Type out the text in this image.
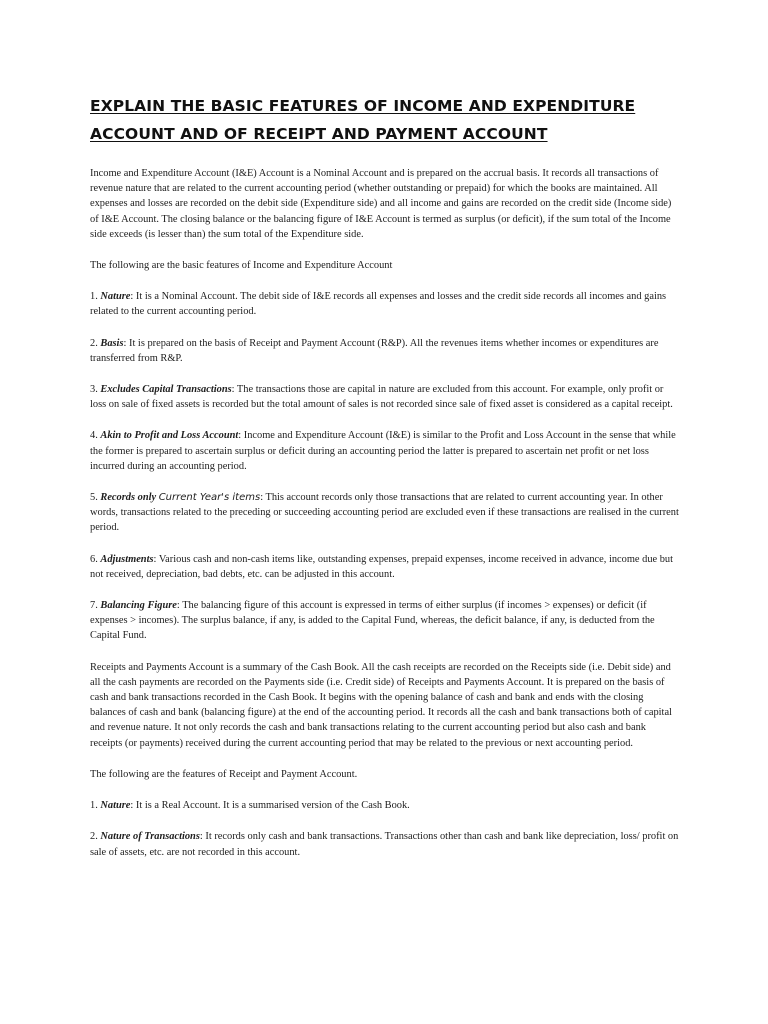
EXPLAIN THE BASIC FEATURES OF INCOME AND EXPENDITURE ACCOUNT AND OF RECEIPT AND PAYMENT ACCOUNT

Income and Expenditure Account (I&E) Account is a Nominal Account and is prepared on the accrual basis. It records all transactions of revenue nature that are related to the current accounting period (whether outstanding or prepaid) for which the books are maintained. All expenses and losses are recorded on the debit side (Expenditure side) and all income and gains are recorded on the credit side (Income side) of I&E Account. The closing balance or the balancing figure of I&E Account is termed as surplus (or deficit), if the sum total of the Income side exceeds (is lesser than) the sum total of the Expenditure side.

The following are the basic features of Income and Expenditure Account

1. Nature: It is a Nominal Account. The debit side of I&E records all expenses and losses and the credit side records all incomes and gains related to the current accounting period.

2. Basis: It is prepared on the basis of Receipt and Payment Account (R&P). All the revenues items whether incomes or expenditures are transferred from R&P.

3. Excludes Capital Transactions: The transactions those are capital in nature are excluded from this account. For example, only profit or loss on sale of fixed assets is recorded but the total amount of sales is not recorded since sale of fixed asset is considered as a capital receipt.

4. Akin to Profit and Loss Account: Income and Expenditure Account (I&E) is similar to the Profit and Loss Account in the sense that while the former is prepared to ascertain surplus or deficit during an accounting period the latter is prepared to ascertain net profit or net loss incurred during an accounting period.

5. Records only Current Year's items: This account records only those transactions that are related to current accounting year. In other words, transactions related to the preceding or succeeding accounting period are excluded even if these transactions are realised in the current period.

6. Adjustments: Various cash and non-cash items like, outstanding expenses, prepaid expenses, income received in advance, income due but not received, depreciation, bad debts, etc. can be adjusted in this account.

7. Balancing Figure: The balancing figure of this account is expressed in terms of either surplus (if incomes > expenses) or deficit (if expenses > incomes). The surplus balance, if any, is added to the Capital Fund, whereas, the deficit balance, if any, is deducted from the Capital Fund.

Receipts and Payments Account is a summary of the Cash Book. All the cash receipts are recorded on the Receipts side (i.e. Debit side) and all the cash payments are recorded on the Payments side (i.e. Credit side) of Receipts and Payments Account. It is prepared on the basis of cash and bank transactions recorded in the Cash Book. It begins with the opening balance of cash and bank and ends with the closing balances of cash and bank (balancing figure) at the end of the accounting period. It records all the cash and bank transactions both of capital and revenue nature. It not only records the cash and bank transactions relating to the current accounting period but also cash and bank receipts (or payments) received during the current accounting period that may be related to the previous or next accounting period.

The following are the features of Receipt and Payment Account.

1. Nature: It is a Real Account. It is a summarised version of the Cash Book.

2. Nature of Transactions: It records only cash and bank transactions. Transactions other than cash and bank like depreciation, loss/ profit on sale of assets, etc. are not recorded in this account.
